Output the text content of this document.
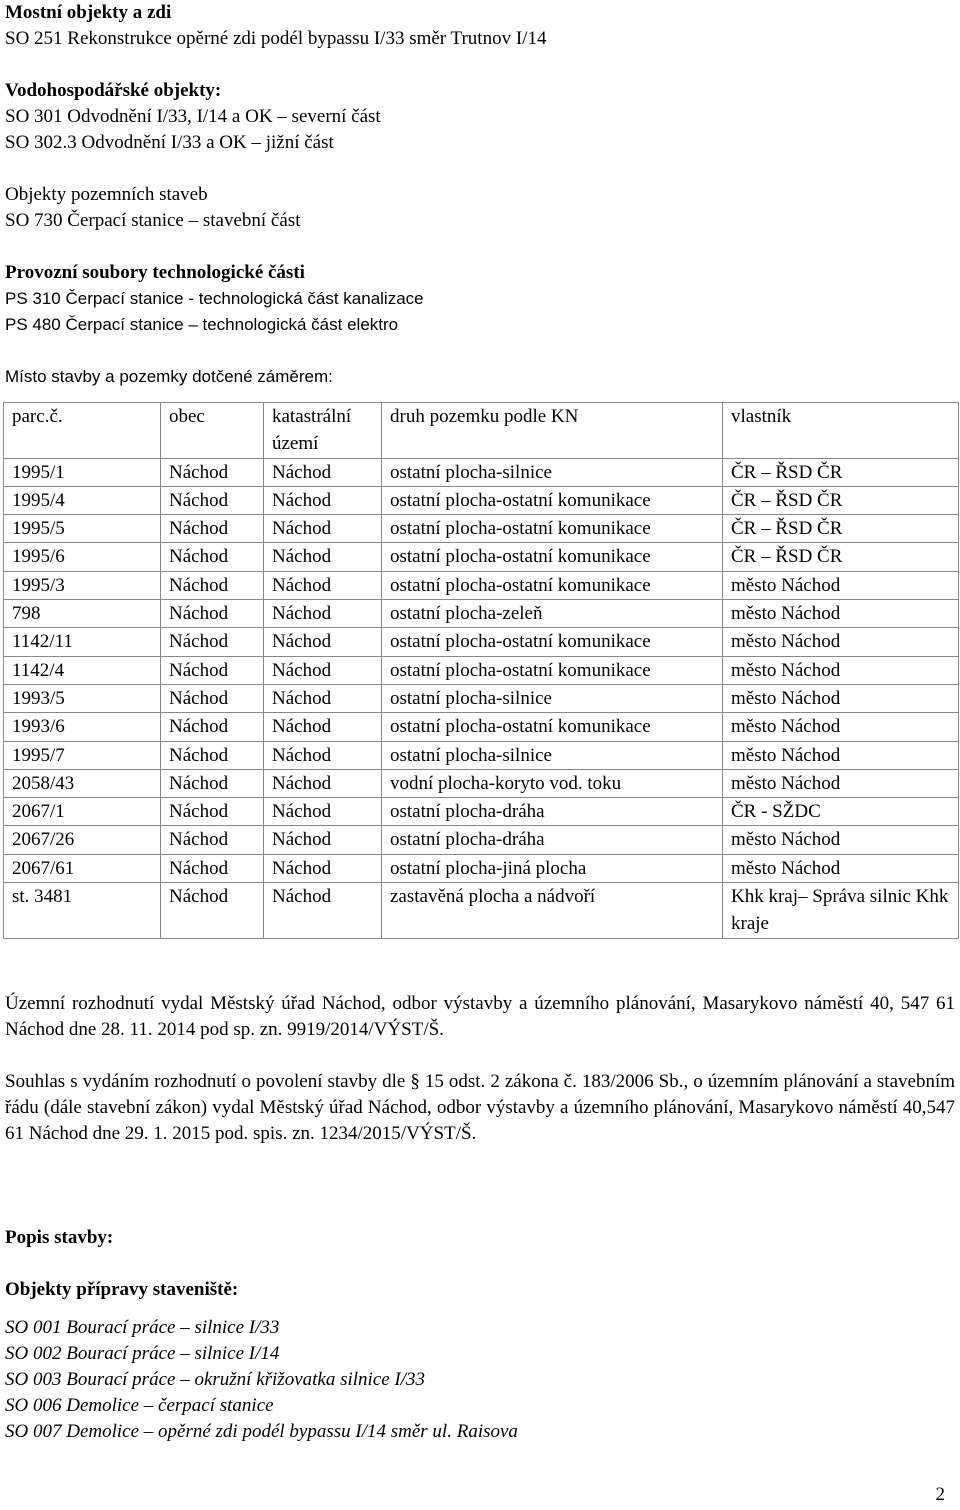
Mostní objekty a zdi

SO 251 Rekonstrukce opěrné zdi podél bypassu I/33 směr Trutnov I/14

Vodohospodářské objekty:

SO 301 Odvodnění I/33, I/14 a OK – severní část

SO 302.3 Odvodnění I/33 a OK – jižní část

Objekty pozemních staveb

SO 730 Čerpací stanice – stavební část

Provozní soubory technologické části

PS 310 Čerpací stanice - technologická část kanalizace

PS 480 Čerpací stanice – technologická část elektro

Místo stavby a pozemky dotčené záměrem:

parc.č.	obec	katastrální území	druh pozemku podle KN	vlastník
1995/1	Náchod	Náchod	ostatní plocha-silnice	ČR – ŘSD ČR
1995/4	Náchod	Náchod	ostatní plocha-ostatní komunikace	ČR – ŘSD ČR
1995/5	Náchod	Náchod	ostatní plocha-ostatní komunikace	ČR – ŘSD ČR
1995/6	Náchod	Náchod	ostatní plocha-ostatní komunikace	ČR – ŘSD ČR
1995/3	Náchod	Náchod	ostatní plocha-ostatní komunikace	město Náchod
798	Náchod	Náchod	ostatní plocha-zeleň	město Náchod
1142/11	Náchod	Náchod	ostatní plocha-ostatní komunikace	město Náchod
1142/4	Náchod	Náchod	ostatní plocha-ostatní komunikace	město Náchod
1993/5	Náchod	Náchod	ostatní plocha-silnice	město Náchod
1993/6	Náchod	Náchod	ostatní plocha-ostatní komunikace	město Náchod
1995/7	Náchod	Náchod	ostatní plocha-silnice	město Náchod
2058/43	Náchod	Náchod	vodní plocha-koryto vod. toku	město Náchod
2067/1	Náchod	Náchod	ostatní plocha-dráha	ČR - SŽDC
2067/26	Náchod	Náchod	ostatní plocha-dráha	město Náchod
2067/61	Náchod	Náchod	ostatní plocha-jiná plocha	město Náchod
st. 3481	Náchod	Náchod	zastavěná plocha a nádvoří	Khk kraj– Správa silnic Khk kraje

Územní rozhodnutí vydal Městský úřad Náchod, odbor výstavby a územního plánování, Masarykovo náměstí 40, 547 61 Náchod dne 28. 11. 2014 pod sp. zn. 9919/2014/VÝST/Š.

Souhlas s vydáním rozhodnutí o povolení stavby dle § 15 odst. 2 zákona č. 183/2006 Sb., o územním plánování a stavebním řádu (dále stavební zákon) vydal Městský úřad Náchod, odbor výstavby a územního plánování, Masarykovo náměstí 40,547 61 Náchod dne 29. 1. 2015 pod. spis. zn. 1234/2015/VÝST/Š.

Popis stavby:

Objekty přípravy staveniště:

SO 001 Bourací práce – silnice I/33

SO 002 Bourací práce – silnice I/14

SO 003 Bourací práce – okružní křižovatka silnice I/33

SO 006 Demolice – čerpací stanice

SO 007 Demolice – opěrné zdi podél bypassu I/14 směr ul. Raisova

2
